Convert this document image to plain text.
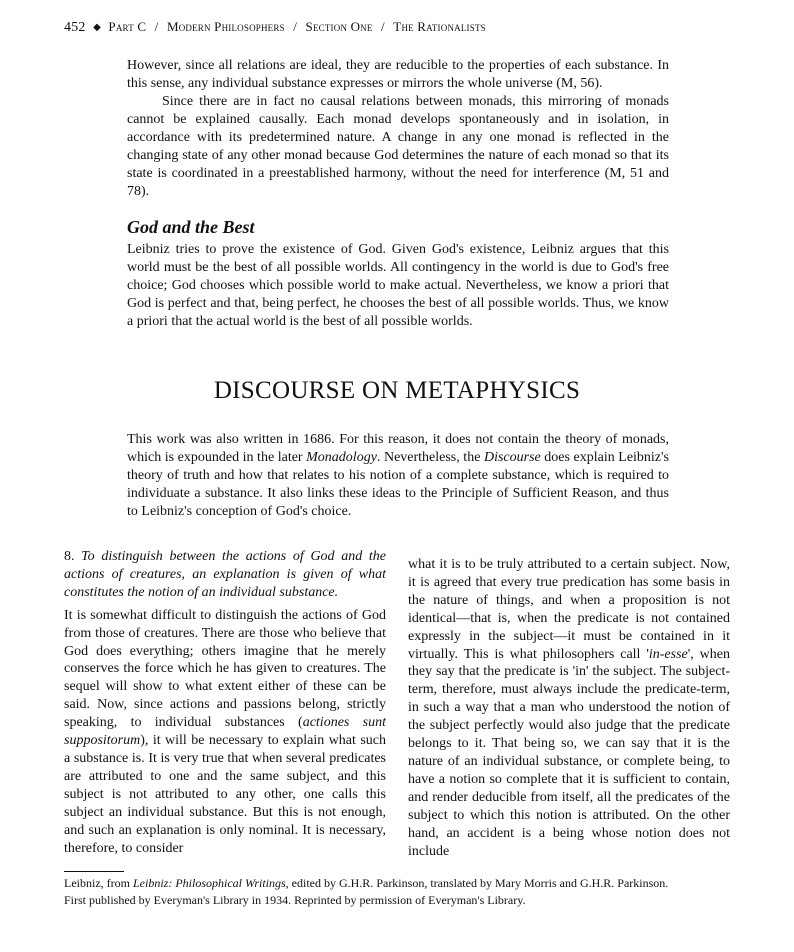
452 ◆ Part C / Modern Philosophers / Section One / The Rationalists

However, since all relations are ideal, they are reducible to the properties of each substance. In this sense, any individual substance expresses or mirrors the whole universe (M, 56).

Since there are in fact no causal relations between monads, this mirroring of monads cannot be explained causally. Each monad develops spontaneously and in isolation, in accordance with its predetermined nature. A change in any one monad is reflected in the changing state of any other monad because God determines the nature of each monad so that its state is coordinated in a preestablished harmony, without the need for interference (M, 51 and 78).

God and the Best

Leibniz tries to prove the existence of God. Given God's existence, Leibniz argues that this world must be the best of all possible worlds. All contingency in the world is due to God's free choice; God chooses which possible world to make actual. Nevertheless, we know a priori that God is perfect and that, being perfect, he chooses the best of all possible worlds. Thus, we know a priori that the actual world is the best of all possible worlds.

DISCOURSE ON METAPHYSICS

This work was also written in 1686. For this reason, it does not contain the theory of monads, which is expounded in the later Monadology. Nevertheless, the Discourse does explain Leibniz's theory of truth and how that relates to his notion of a complete substance, which is required to individuate a substance. It also links these ideas to the Principle of Sufficient Reason, and thus to Leibniz's conception of God's choice.

8. To distinguish between the actions of God and the actions of creatures, an explanation is given of what constitutes the notion of an individual substance.

It is somewhat difficult to distinguish the actions of God from those of creatures. There are those who believe that God does everything; others imagine that he merely conserves the force which he has given to creatures. The sequel will show to what extent either of these can be said. Now, since actions and passions belong, strictly speaking, to individual substances (actiones sunt suppositorum), it will be necessary to explain what such a substance is. It is very true that when several predicates are attributed to one and the same subject, and this subject is not attributed to any other, one calls this subject an individual substance. But this is not enough, and such an explanation is only nominal. It is necessary, therefore, to consider

what it is to be truly attributed to a certain subject. Now, it is agreed that every true predication has some basis in the nature of things, and when a proposition is not identical—that is, when the predicate is not contained expressly in the subject—it must be contained in it virtually. This is what philosophers call 'in-esse', when they say that the predicate is 'in' the subject. The subject-term, therefore, must always include the predicate-term, in such a way that a man who understood the notion of the subject perfectly would also judge that the predicate belongs to it. That being so, we can say that it is the nature of an individual substance, or complete being, to have a notion so complete that it is sufficient to contain, and render deducible from itself, all the predicates of the subject to which this notion is attributed. On the other hand, an accident is a being whose notion does not include

Leibniz, from Leibniz: Philosophical Writings, edited by G.H.R. Parkinson, translated by Mary Morris and G.H.R. Parkinson.

First published by Everyman's Library in 1934. Reprinted by permission of Everyman's Library.
